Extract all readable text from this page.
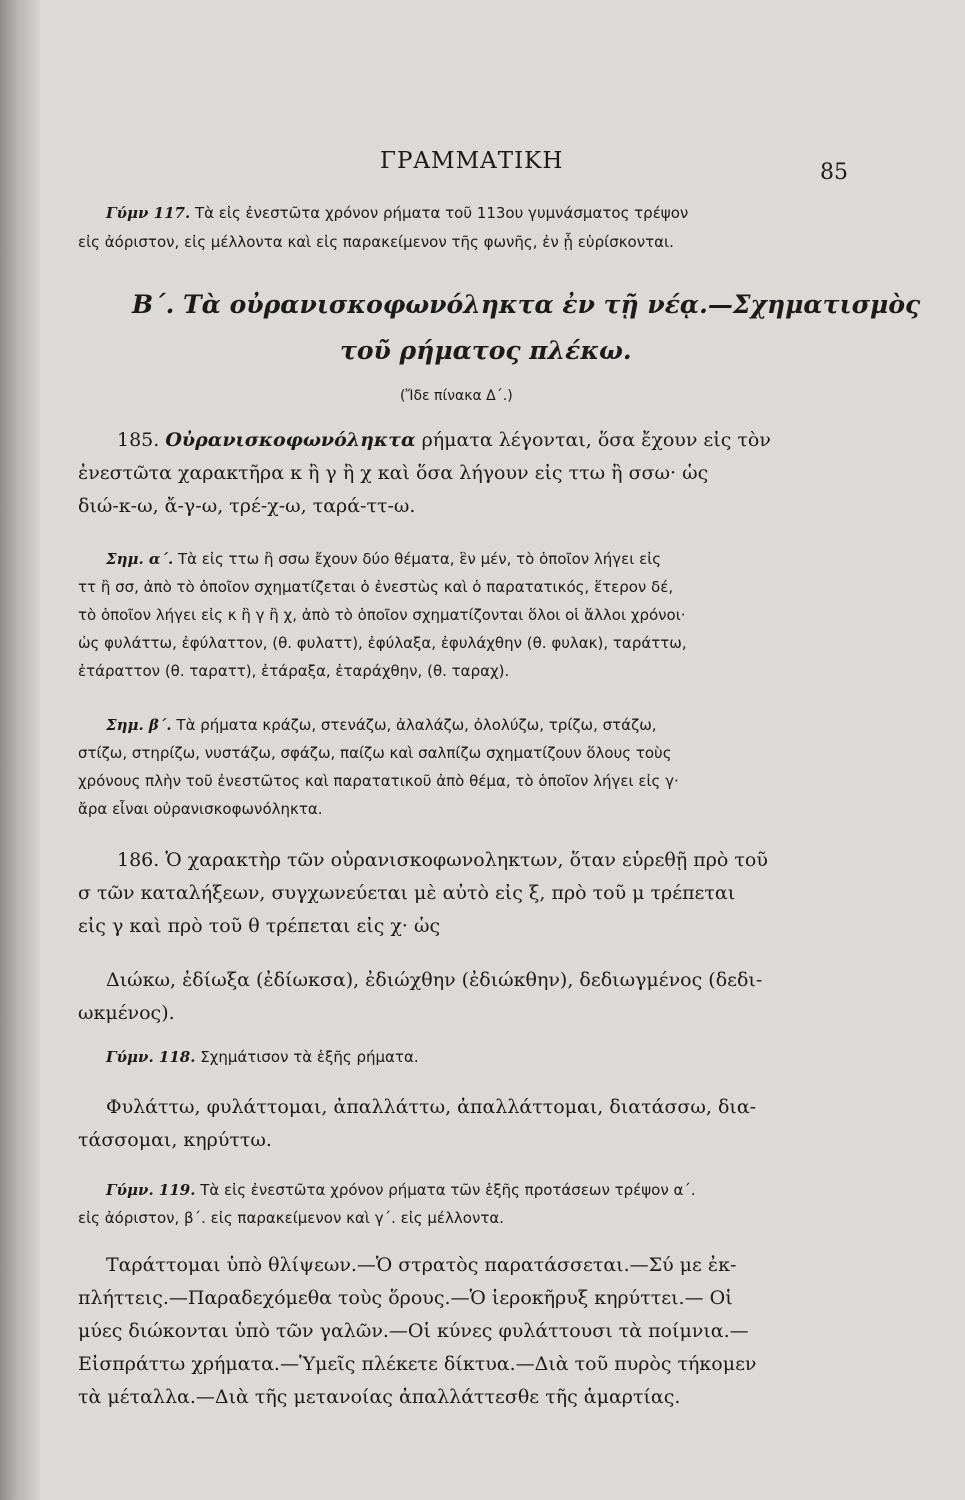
ΓΡΑΜΜΑΤΙΚΗ	85
Γύμν 117. Τὰ εἰς ἐνεστῶτα χρόνον ρήματα τοῦ 113ου γυμνάσματος τρέψον
εἰς ἀόριστον, εἰς μέλλοντα καὶ εἰς παρακείμενον τῆς φωνῆς, ἐν ᾗ εὑρίσκονται.
Β΄. Τὰ οὐρανισκοφωνόληκτα ἐν τῇ νέᾳ.—Σχηματισμὸς
τοῦ ρήματος πλέκω.
(Ἴδε πίνακα Δ΄.)
185. Οὐρανισκοφωνόληκτα ρήματα λέγονται, ὅσα ἔχουν εἰς τὸν
ἐνεστῶτα χαρακτῆρα κ ἢ γ ἢ χ καὶ ὅσα λήγουν εἰς ττω ἢ σσω· ὡς
διώ-κ-ω, ἄ-γ-ω, τρέ-χ-ω, ταρά-ττ-ω.
Σημ. α΄. Τὰ εἰς ττω ἢ σσω ἔχουν δύο θέματα, ἓν μέν, τὸ ὁποῖον λήγει εἰς
ττ ἢ σσ, ἀπὸ τὸ ὁποῖον σχηματίζεται ὁ ἐνεστὼς καὶ ὁ παρατατικός, ἕτερον δέ,
τὸ ὁποῖον λήγει εἰς κ ἢ γ ἢ χ, ἀπὸ τὸ ὁποῖον σχηματίζονται ὅλοι οἱ ἄλλοι χρόνοι·
ὡς φυλάττω, ἐφύλαττον, (θ. φυλαττ), ἐφύλαξα, ἐφυλάχθην (θ. φυλακ), ταράττω,
ἐτάραττον (θ. ταραττ), ἐτάραξα, ἐταράχθην, (θ. ταραχ).
Σημ. β΄. Τὰ ρήματα κράζω, στενάζω, ἀλαλάζω, ὀλολύζω, τρίζω, στάζω,
στίζω, στηρίζω, νυστάζω, σφάζω, παίζω καὶ σαλπίζω σχηματίζουν ὅλους τοὺς
χρόνους πλὴν τοῦ ἐνεστῶτος καὶ παρατατικοῦ ἀπὸ θέμα, τὸ ὁποῖον λήγει εἰς γ·
ἄρα εἶναι οὐρανισκοφωνόληκτα.
186. Ὁ χαρακτὴρ τῶν οὐρανισκοφωνοληκτων, ὅταν εὑρεθῇ πρὸ τοῦ
σ τῶν καταλήξεων, συγχωνεύεται μὲ αὐτὸ εἰς ξ, πρὸ τοῦ μ τρέπεται
εἰς γ καὶ πρὸ τοῦ θ τρέπεται εἰς χ· ὡς
Διώκω, ἐδίωξα (ἐδίωκσα), ἐδιώχθην (ἐδιώκθην), δεδιωγμένος (δεδι-
ωκμένος).
Γύμν. 118. Σχημάτισον τὰ ἑξῆς ρήματα.
Φυλάττω, φυλάττομαι, ἀπαλλάττω, ἀπαλλάττομαι, διατάσσω, δια-
τάσσομαι, κηρύττω.
Γύμν. 119. Τὰ εἰς ἐνεστῶτα χρόνον ρήματα τῶν ἑξῆς προτάσεων τρέψον α΄.
εἰς ἀόριστον, β΄. εἰς παρακείμενον καὶ γ΄. εἰς μέλλοντα.
Ταράττομαι ὑπὸ θλίψεων.—Ὁ στρατὸς παρατάσσεται.—Σύ με ἐκ-
πλήττεις.—Παραδεχόμεθα τοὺς ὅρους.—Ὁ ἱεροκῆρυξ κηρύττει.— Οἱ
μύες διώκονται ὑπὸ τῶν γαλῶν.—Οἱ κύνες φυλάττουσι τὰ ποίμνια.—
Εἰσπράττω χρήματα.—Ὑμεῖς πλέκετε δίκτυα.—Διὰ τοῦ πυρὸς τήκομεν
τὰ μέταλλα.—Διὰ τῆς μετανοίας ἀπαλλάττεσθε τῆς ἁμαρτίας.
